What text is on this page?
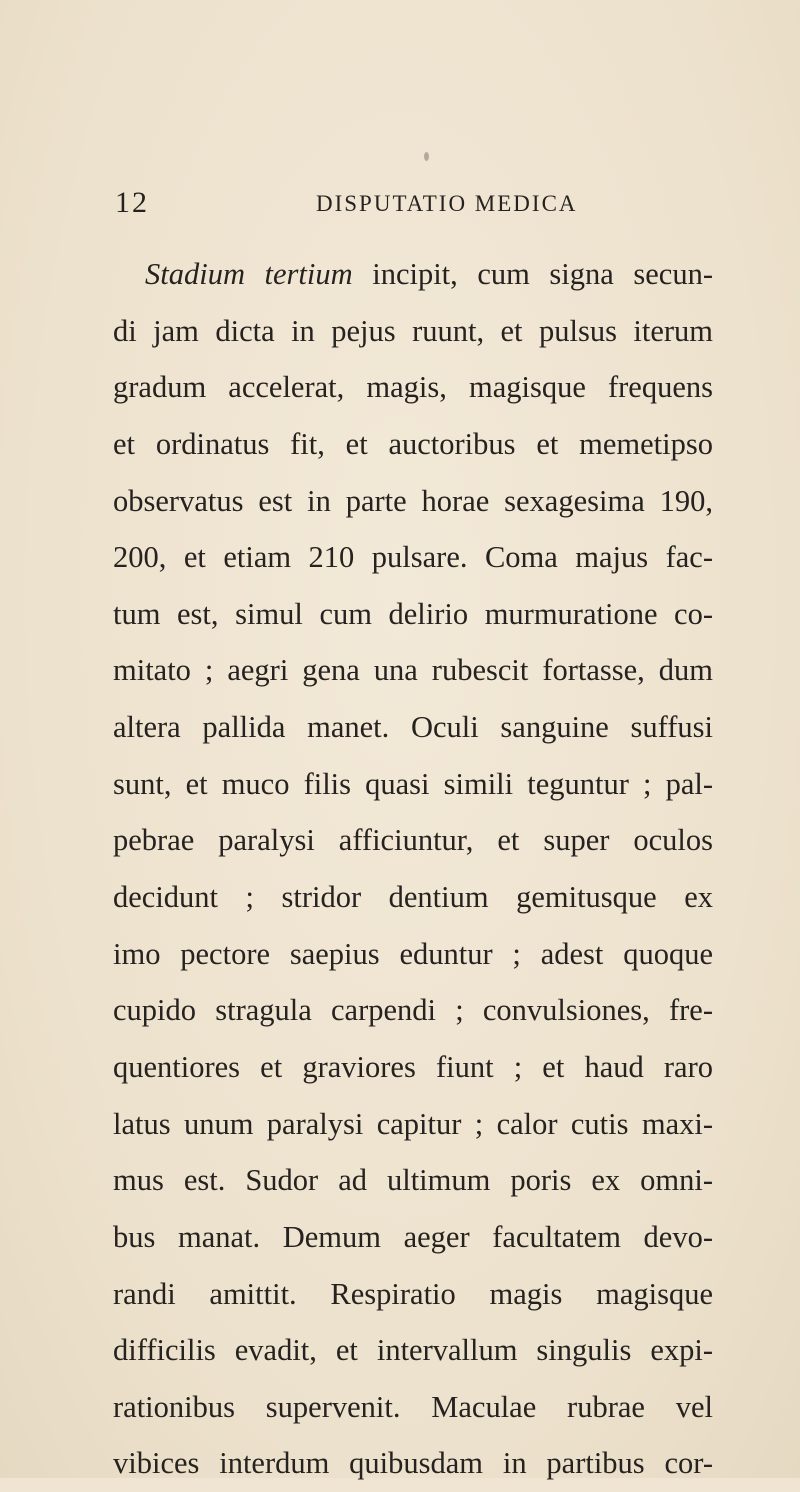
12	DISPUTATIO MEDICA
Stadium tertium incipit, cum signa secun-
di jam dicta in pejus ruunt, et pulsus iterum
gradum accelerat, magis, magisque frequens
et ordinatus fit, et auctoribus et memetipso
observatus est in parte horae sexagesima 190,
200, et etiam 210 pulsare. Coma majus fac-
tum est, simul cum delirio murmuratione co-
mitato ; aegri gena una rubescit fortasse, dum
altera pallida manet. Oculi sanguine suffusi
sunt, et muco filis quasi simili teguntur ; pal-
pebrae paralysi afficiuntur, et super oculos
decidunt ; stridor dentium gemitusque ex
imo pectore saepius eduntur ; adest quoque
cupido stragula carpendi ; convulsiones, fre-
quentiores et graviores fiunt ; et haud raro
latus unum paralysi capitur ; calor cutis maxi-
mus est. Sudor ad ultimum poris ex omni-
bus manat. Demum aeger facultatem devo-
randi amittit. Respiratio magis magisque
difficilis evadit, et intervallum singulis expi-
rationibus supervenit. Maculae rubrae vel
vibices interdum quibusdam in partibus cor-
